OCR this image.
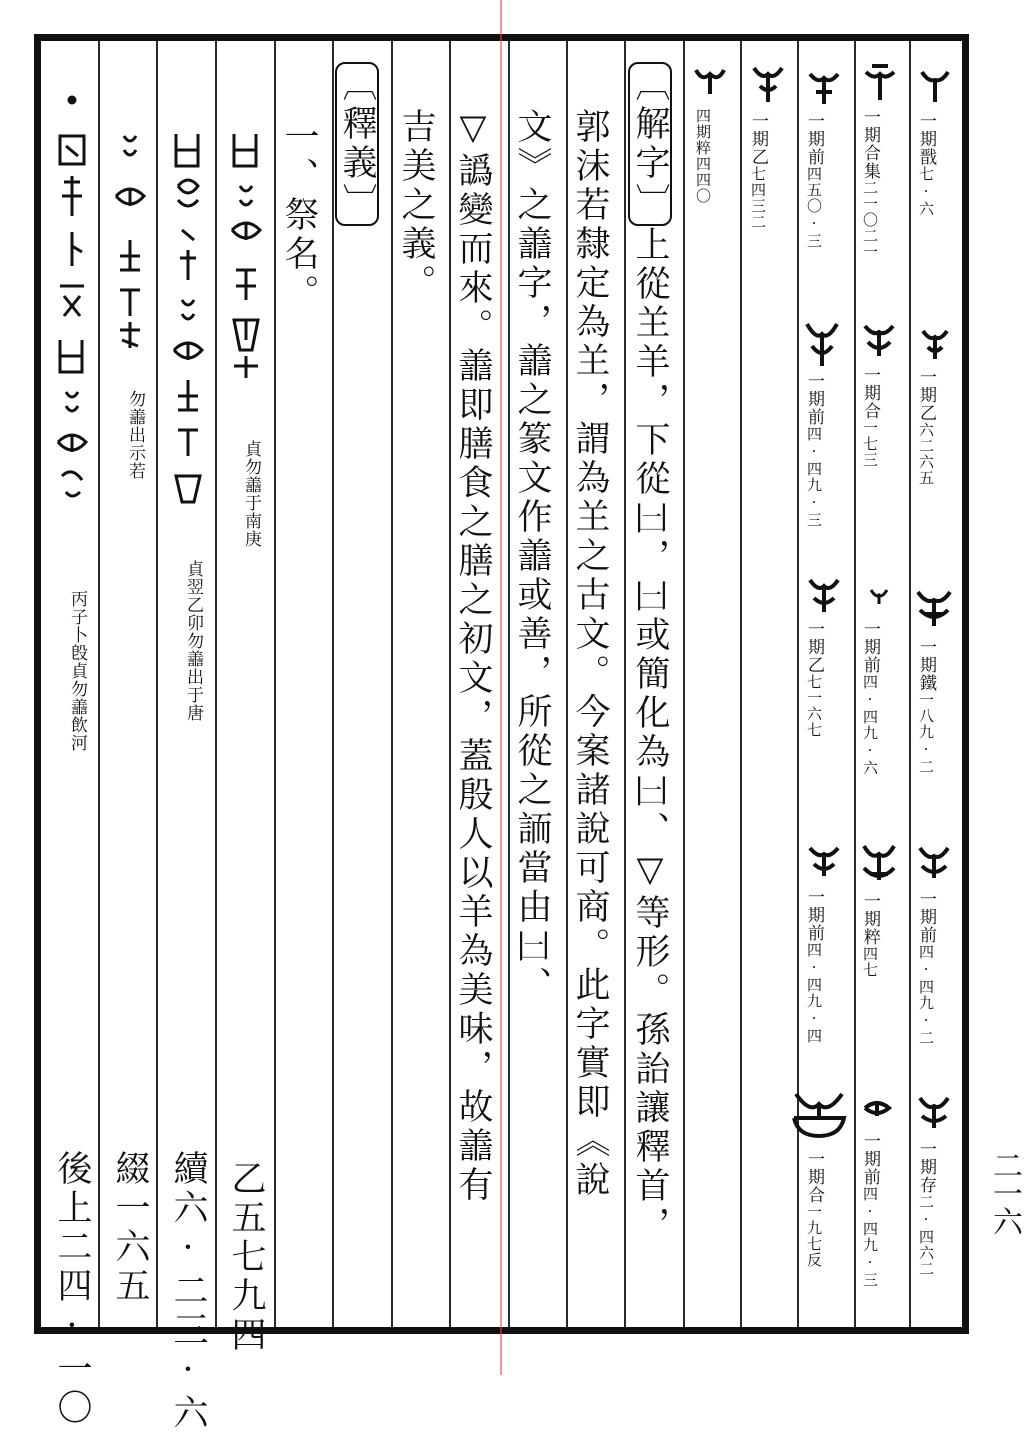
一期戬七·六
一期乙六二六五
一期鐵一八九·二
一期前四·四九·二
一期存二·四六二
一期合集二一〇二一
一期合一七三
一期前四·四九·六
一期粹四七
一期前四·四九·三
一期前四五〇·三
一期前四·四九·三
一期乙七一六七
一期前四·四九·四
一期合一九七反
一期乙七四三二
四期粹四四〇
〔解字〕上從𦍌羊，下從𠙵，𠙵或簡化為𠙵、▽等形。孫詒讓釋首，
郭沫若隸定為𦍌，謂為𦍌之古文。今案諸說可商。此字實即《說
文》之譱字，譱之篆文作譱或善，所從之䛔當由𠙵、
▽譌變而來。譱即膳食之膳之初文，蓋殷人以羊為美味，故譱有
吉美之義。
〔釋義〕
一、祭名。
貞勿譱于南庚
乙五七九四
貞翌乙卯勿譱出于唐
續六·二三·六
勿譱出示若
綴一六五
丙子卜𣪘貞勿譱飲河
後上二四·一〇	二一六
